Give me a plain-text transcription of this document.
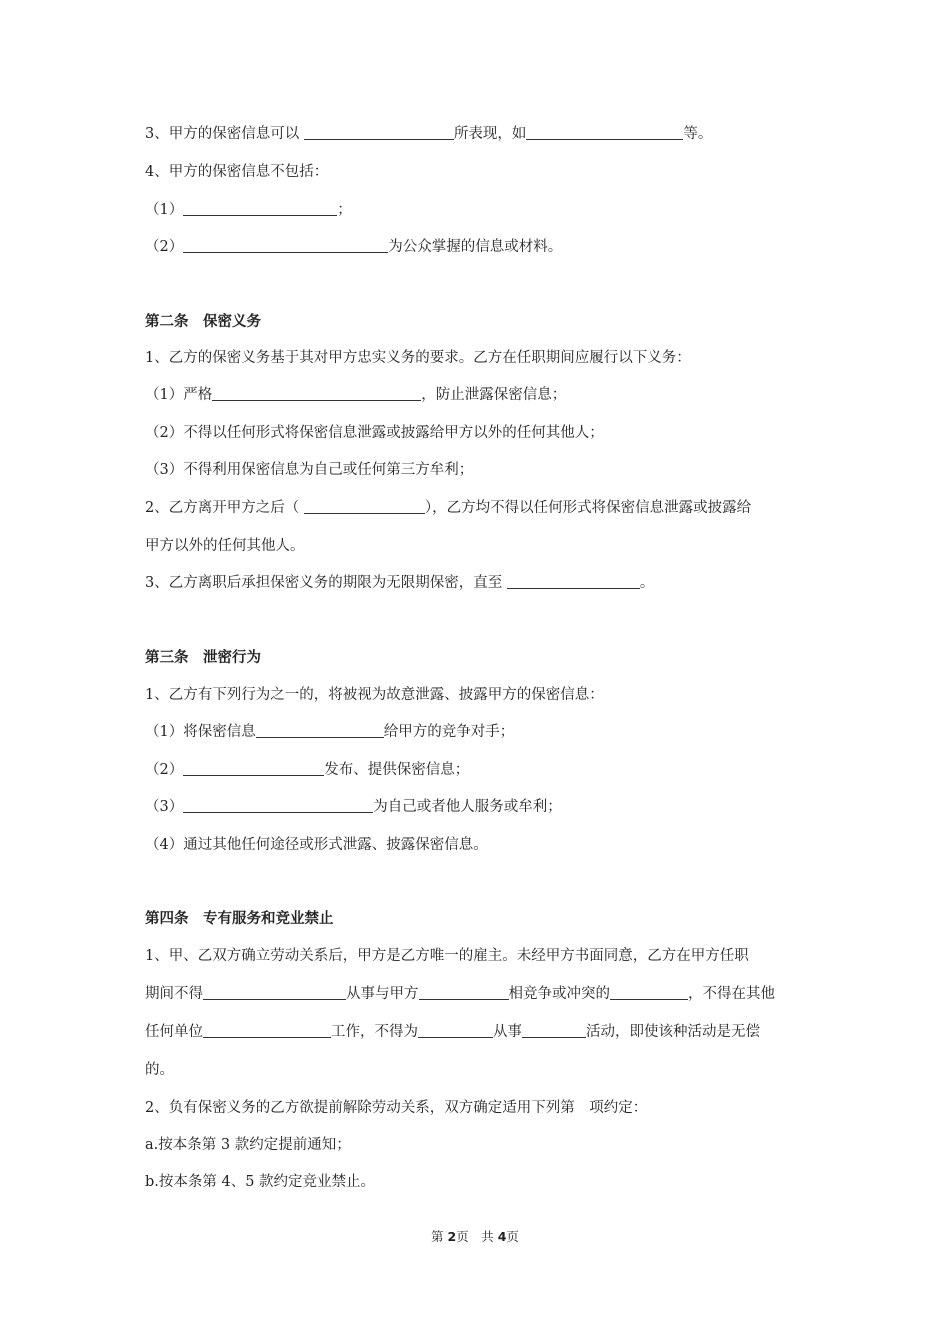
3、甲方的保密信息可以	所表现，如	等。
4、甲方的保密信息不包括：
（1）	；
（2）	为公众掌握的信息或材料。
第二条　保密义务
1、乙方的保密义务基于其对甲方忠实义务的要求。乙方在任职期间应履行以下义务：
（1）严格	，防止泄露保密信息；
（2）不得以任何形式将保密信息泄露或披露给甲方以外的任何其他人；
（3）不得利用保密信息为自己或任何第三方牟利；
2、乙方离开甲方之后（	），乙方均不得以任何形式将保密信息泄露或披露给
甲方以外的任何其他人。
3、乙方离职后承担保密义务的期限为无限期保密，直至	。
第三条　泄密行为
1、乙方有下列行为之一的，将被视为故意泄露、披露甲方的保密信息：
（1）将保密信息	给甲方的竞争对手；
（2）	发布、提供保密信息；
（3）	为自己或者他人服务或牟利；
（4）通过其他任何途径或形式泄露、披露保密信息。
第四条　专有服务和竞业禁止
1、甲、乙双方确立劳动关系后，甲方是乙方唯一的雇主。未经甲方书面同意，乙方在甲方任职
期间不得	从事与甲方	相竞争或冲突的	，不得在其他
任何单位	工作，不得为	从事	活动，即使该种活动是无偿
的。
2、负有保密义务的乙方欲提前解除劳动关系，双方确定适用下列第　项约定：
a.按本条第 3 款约定提前通知；
b.按本条第 4、5 款约定竞业禁止。
第 2页　共 4页
